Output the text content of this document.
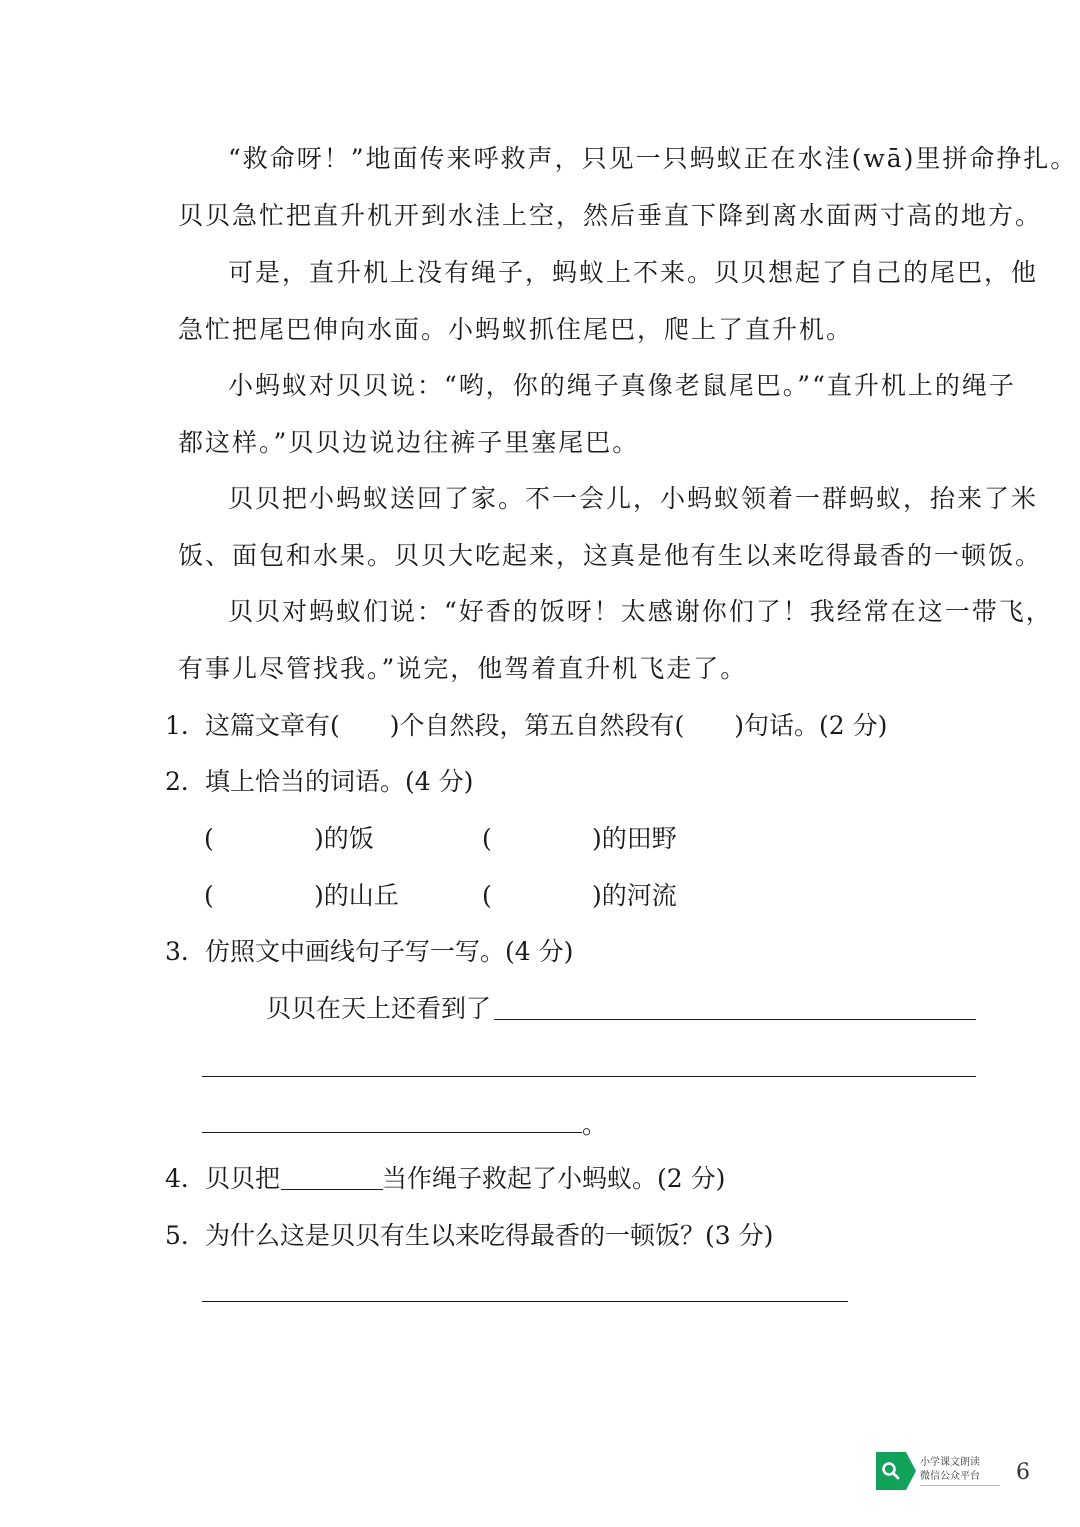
“救命呀！”地面传来呼救声，只见一只蚂蚁正在水洼(wā)里拼命挣扎。
贝贝急忙把直升机开到水洼上空，然后垂直下降到离水面两寸高的地方。

可是，直升机上没有绳子，蚂蚁上不来。贝贝想起了自己的尾巴，他
急忙把尾巴伸向水面。小蚂蚁抓住尾巴，爬上了直升机。

小蚂蚁对贝贝说：“哟，你的绳子真像老鼠尾巴。”“直升机上的绳子
都这样。”贝贝边说边往裤子里塞尾巴。

贝贝把小蚂蚁送回了家。不一会儿，小蚂蚁领着一群蚂蚁，抬来了米
饭、面包和水果。贝贝大吃起来，这真是他有生以来吃得最香的一顿饭。

贝贝对蚂蚁们说：“好香的饭呀！太感谢你们了！我经常在这一带飞，
有事儿尽管找我。”说完，他驾着直升机飞走了。

1．这篇文章有(　　)个自然段，第五自然段有(　　)句话。(2 分)

2．填上恰当的词语。(4 分)

(	)的饭	(	)的田野
(	)的山丘	(	)的河流

3．仿照文中画线句子写一写。(4 分)

贝贝在天上还看到了
。

4．贝贝把	当作绳子救起了小蚂蚁。(2 分)

5．为什么这是贝贝有生以来吃得最香的一顿饭？(3 分)

小学课文朗读
微信公众平台 6
